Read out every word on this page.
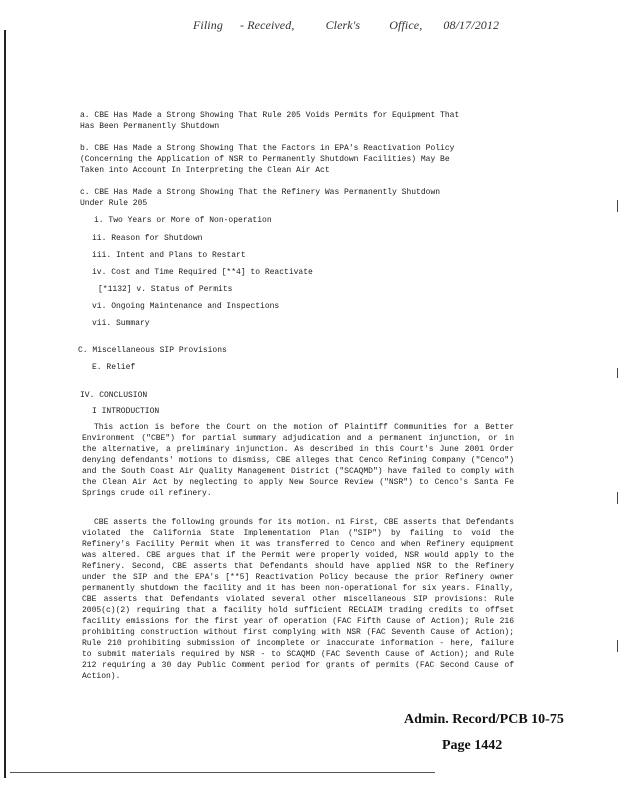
Filing - Received,	Clerk's Office, 08/17/2012
a. CBE Has Made a Strong Showing That Rule 205 Voids Permits for Equipment That
Has Been Permanently Shutdown
b. CBE Has Made a Strong Showing That the Factors in EPA's Reactivation Policy
(Concerning the Application of NSR to Permanently Shutdown Facilities) May Be
Taken into Account In Interpreting the Clean Air Act
c. CBE Has Made a Strong Showing That the Refinery Was Permanently Shutdown
Under Rule 205
i. Two Years or More of Non-operation
ii. Reason for Shutdown
iii. Intent and Plans to Restart
iv. Cost and Time Required [**4] to Reactivate
[*1132] v. Status of Permits
vi. Ongoing Maintenance and Inspections
vii. Summary
C. Miscellaneous SIP Provisions
E. Relief
IV. CONCLUSION
I INTRODUCTION
This action is before the Court on the motion of Plaintiff Communities for a Better Environment ("CBE") for partial summary adjudication and a permanent injunction, or in the alternative, a preliminary injunction. As described in this Court's June 2001 Order denying defendants' motions to dismiss, CBE alleges that Cenco Refining Company ("Cenco") and the South Coast Air Quality Management District ("SCAQMD") have failed to comply with the Clean Air Act by neglecting to apply New Source Review ("NSR") to Cenco's Santa Fe Springs crude oil refinery.
CBE asserts the following grounds for its motion. n1 First, CBE asserts that Defendants violated the California State Implementation Plan ("SIP") by failing to void the Refinery's Facility Permit when it was transferred to Cenco and when Refinery equipment was altered. CBE argues that if the Permit were properly voided, NSR would apply to the Refinery. Second, CBE asserts that Defendants should have applied NSR to the Refinery under the SIP and the EPA's [**5] Reactivation Policy because the prior Refinery owner permanently shutdown the facility and it has been non-operational for six years. Finally, CBE asserts that Defendants violated several other miscellaneous SIP provisions: Rule 2005(c)(2) requiring that a facility hold sufficient RECLAIM trading credits to offset facility emissions for the first year of operation (FAC Fifth Cause of Action); Rule 216 prohibiting construction without first complying with NSR (FAC Seventh Cause of Action); Rule 210 prohibiting submission of incomplete or inaccurate information - here, failure to submit materials required by NSR - to SCAQMD (FAC Seventh Cause of Action); and Rule 212 requiring a 30 day Public Comment period for grants of permits (FAC Second Cause of Action).
Admin. Record/PCB 10-75
Page 1442
